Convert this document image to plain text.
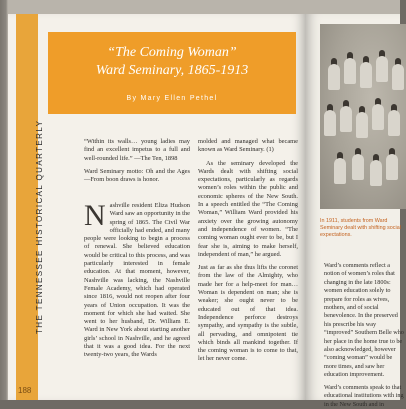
THE TENNESSEE HISTORICAL QUARTERLY
188
“The Coming Woman”
Ward Seminary, 1865-1913
By Mary Ellen Pethel

“Within its walls… young ladies may find an excellent impetus to a full and well-rounded life.” —The Ten, 1898

Ward Seminary motto: Oh and the Ages—From boon draws is honor.

N ashville resident Eliza Hudson Ward saw an opportunity in the spring of 1865. The Civil War officially had ended, and many people were looking to begin a process of renewal. She believed education would be critical to this process, and was particularly interested in female education. At that moment, however, Nashville was lacking, the Nashville Female Academy, which had operated since 1816, would not reopen after four years of Union occupation. It was the moment for which she had waited. She went to her husband, Dr. William E. Ward in New York about starting another girls’ school in Nashville, and he agreed that it was a good idea. For the next twenty-two years, the Wards

molded and managed what became known as Ward Seminary. (1)

As the seminary developed the Wards dealt with shifting social expectations, particularly as regards women’s roles within the public and economic spheres of the New South. In a speech entitled the “The Coming Woman,” William Ward provided his anxiety over the growing autonomy and independence of women. “The coming woman ought ever to be, but I fear she is, aiming to make herself, independent of man,” he argued.

Just as far as she thus lifts the coronet from the law of the Almighty, who made her for a help-meet for man… Woman is dependent on man; she is weaker; she ought never to be educated out of that idea. Independence perforce destroys sympathy, and sympathy is the subtle, all pervading, and omnipotent tie which binds all mankind together. If the coming woman is to come to that, let her never come.

In 1911, students from Ward Seminary dealt with shifting social expectations.

Ward’s comments reflect a notion of women’s roles that changing in the late 1800s: women education solely to prepare for roles as wives, mothers, and of social benevolence. In the preserved his prescribe his way “improved” Southern Belle who her place in the home true to be also acknowledged, however “coming woman” would be more times, and saw her education improvement.

Ward’s comments speak to that educational institutions with ing in the New South and in
